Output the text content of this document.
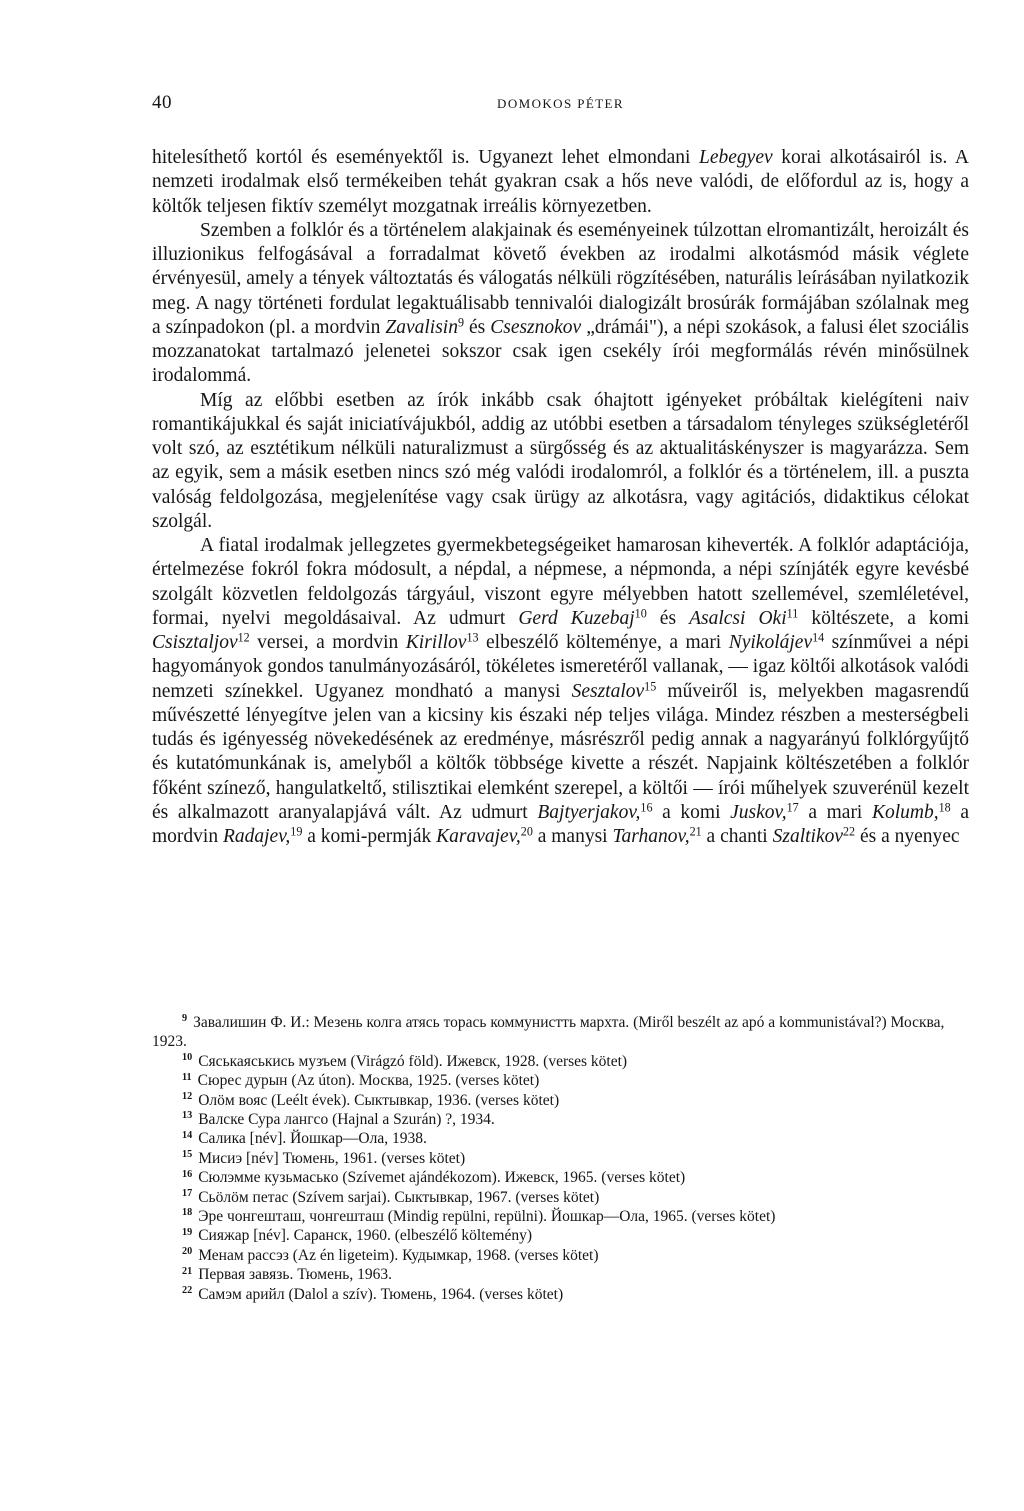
40	DOMOKOS PÉTER

hitelesíthető kortól és eseményektől is. Ugyanezt lehet elmondani Lebegyev korai alkotásairól is. A nemzeti irodalmak első termékeiben tehát gyakran csak a hős neve valódi, de előfordul az is, hogy a költők teljesen fiktív személyt mozgatnak irreális környezetben.

Szemben a folklór és a történelem alakjainak és eseményeinek túlzottan elromantizált, heroizált és illuzionikus felfogásával a forradalmat követő években az irodalmi alkotásmód másik véglete érvényesül, amely a tények változtatás és válogatás nélküli rögzítésében, naturális leírásában nyilatkozik meg. A nagy történeti fordulat legaktuálisabb tennivalói dialogizált brosúrák formájában szólalnak meg a színpadokon (pl. a mordvin Zavalisin$^9$ és Csesznokov „drámái"), a népi szokások, a falusi élet szociális mozzanatokat tartalmazó jelenetei sokszor csak igen csekély írói megformálás révén minősülnek irodalommá.

Míg az előbbi esetben az írók inkább csak óhajtott igényeket próbáltak kielégíteni naiv romantikájukkal és saját iniciatívájukból, addig az utóbbi esetben a társadalom tényleges szükségletéről volt szó, az esztétikum nélküli naturalizmust a sürgősség és az aktualitáskényszer is magyarázza. Sem az egyik, sem a másik esetben nincs szó még valódi irodalomról, a folklór és a történelem, ill. a puszta valóság feldolgozása, megjelenítése vagy csak ürügy az alkotásra, vagy agitációs, didaktikus célokat szolgál.

A fiatal irodalmak jellegzetes gyermekbetegségeiket hamarosan kiheverték. A folklór adaptációja, értelmezése fokról fokra módosult, a népdal, a népmese, a népmonda, a népi színjáték egyre kevésbé szolgált közvetlen feldolgozás tárgyául, viszont egyre mélyebben hatott szellemével, szemléletével, formai, nyelvi megoldásaival. Az udmurt Gerd Kuzebaj$^{10}$ és Asalcsi Oki$^{11}$ költészete, a komi Csisztaljov$^{12}$ versei, a mordvin Kirillov$^{13}$ elbeszélő költeménye, a mari Nyikolájev$^{14}$ színművei a népi hagyományok gondos tanulmányozásáról, tökéletes ismeretéről vallanak, — igaz költői alkotások valódi nemzeti színekkel. Ugyanez mondható a manysi Sesztalov$^{15}$ műveiről is, melyekben magasrendű művészetté lényegítve jelen van a kicsiny kis északi nép teljes világa. Mindez részben a mesterségbeli tudás és igényesség növekedésének az eredménye, másrészről pedig annak a nagyarányú folklórgyűjtő és kutatómunkának is, amelyből a költők többsége kivette a részét. Napjaink költészetében a folklór főként színező, hangulatkeltő, stilisztikai elemként szerepel, a költői — írói műhelyek szuverénül kezelt és alkalmazott aranyalapjává vált. Az udmurt Bajtyerjakov,$^{16}$ a komi Juskov,$^{17}$ a mari Kolumb,$^{18}$ a mordvin Radajev,$^{19}$ a komi-permják Karavajev,$^{20}$ a manysi Tarhanov,$^{21}$ a chanti Szaltikov$^{22}$ és a nyenyec

$^9$ Завалишин Ф. И.: Мезень колга атясь торась коммунистть мархта. (Miről beszélt az apó a kommunistával?) Москва, 1923.

$^{10}$ Сяськаяськись музъем (Virágzó föld). Ижевск, 1928. (verses kötet)

$^{11}$ Сюрес дурын (Az úton). Москва, 1925. (verses kötet)

$^{12}$ Олӧм вояс (Leélt évek). Сыктывкар, 1936. (verses kötet)

$^{13}$ Валске Сура лангсо (Hajnal a Szurán) ?, 1934.

$^{14}$ Салика [név]. Йошкар—Ола, 1938.

$^{15}$ Мисиэ [név] Тюмень, 1961. (verses kötet)

$^{16}$ Сюлэмме кузьмаськo (Szívemet ajándékozom). Ижевск, 1965. (verses kötet)

$^{17}$ Сьӧлӧм петас (Szívem sarjai). Сыктывкар, 1967. (verses kötet)

$^{18}$ Эре чонгешташ, чонгешташ (Mindig repülni, repülni). Йошкар—Ола, 1965. (verses kötet)

$^{19}$ Сияжар [név]. Саранск, 1960. (elbeszélő költemény)

$^{20}$ Менам рассэз (Az én ligeteim). Кудымкар, 1968. (verses kötet)

$^{21}$ Первая завязь. Тюмень, 1963.

$^{22}$ Самэм арийл (Dalol a szív). Тюмень, 1964. (verses kötet)
